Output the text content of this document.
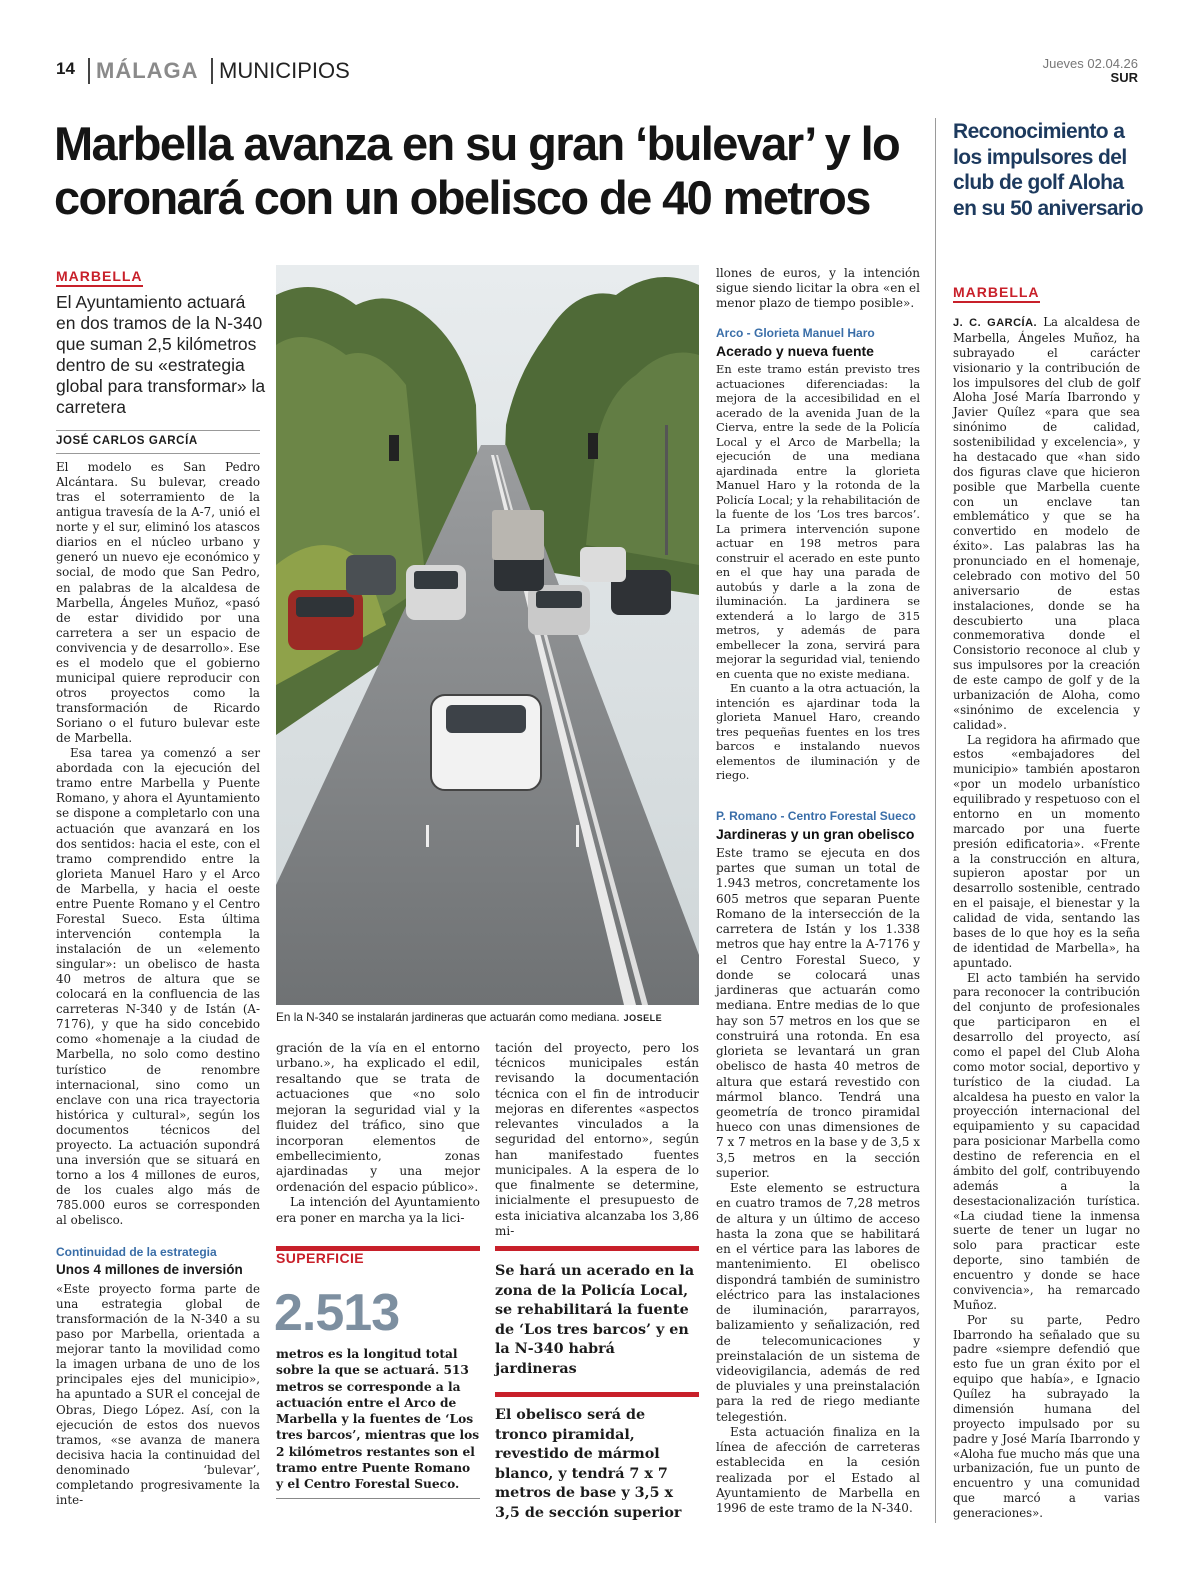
14 MÁLAGA MUNICIPIOS	Jueves 02.04.26
SUR
Marbella avanza en su gran ‘bulevar’ y lo coronará con un obelisco de 40 metros
MARBELLA
El Ayuntamiento actuará en dos tramos de la N-340 que suman 2,5 kilómetros dentro de su «estrategia global para transformar» la carretera
JOSÉ CARLOS GARCÍA

El modelo es San Pedro Alcántara. Su bulevar, creado tras el soterramiento de la antigua travesía de la A-7, unió el norte y el sur, eliminó los atascos diarios en el núcleo urbano y generó un nuevo eje económico y social, de modo que San Pedro, en palabras de la alcaldesa de Marbella, Ángeles Muñoz, «pasó de estar dividido por una carretera a ser un espacio de convivencia y de desarrollo». Ese es el modelo que el gobierno municipal quiere reproducir con otros proyectos como la transformación de Ricardo Soriano o el futuro bulevar este de Marbella.

Esa tarea ya comenzó a ser abordada con la ejecución del tramo entre Marbella y Puente Romano, y ahora el Ayuntamiento se dispone a completarlo con una actuación que avanzará en los dos sentidos: hacia el este, con el tramo comprendido entre la glorieta Manuel Haro y el Arco de Marbella, y hacia el oeste entre Puente Romano y el Centro Forestal Sueco. Esta última intervención contempla la instalación de un «elemento singular»: un obelisco de hasta 40 metros de altura que se colocará en la confluencia de las carreteras N-340 y de Istán (A-7176), y que ha sido concebido como «homenaje a la ciudad de Marbella, no solo como destino turístico de renombre internacional, sino como un enclave con una rica trayectoria histórica y cultural», según los documentos técnicos del proyecto. La actuación supondrá una inversión que se situará en torno a los 4 millones de euros, de los cuales algo más de 785.000 euros se corresponden al obelisco.

Continuidad de la estrategia
Unos 4 millones de inversión

«Este proyecto forma parte de una estrategia global de transformación de la N-340 a su paso por Marbella, orientada a mejorar tanto la movilidad como la imagen urbana de uno de los principales ejes del municipio», ha apuntado a SUR el concejal de Obras, Diego López. Así, con la ejecución de estos dos nuevos tramos, «se avanza de manera decisiva hacia la continuidad del denominado ‘bulevar’, completando progresivamente la inte-

En la N-340 se instalarán jardineras que actuarán como mediana. JOSELE

gración de la vía en el entorno urbano.», ha explicado el edil, resaltando que se trata de actuaciones que «no solo mejoran la seguridad vial y la fluidez del tráfico, sino que incorporan elementos de embellecimiento, zonas ajardinadas y una mejor ordenación del espacio público».

La intención del Ayuntamiento era poner en marcha ya la lici-

tación del proyecto, pero los técnicos municipales están revisando la documentación técnica con el fin de introducir mejoras en diferentes «aspectos relevantes vinculados a la seguridad del entorno», según han manifestado fuentes municipales. A la espera de lo que finalmente se determine, inicialmente el presupuesto de esta iniciativa alcanzaba los 3,86 mi-

SUPERFICIE
2.513
metros es la longitud total sobre la que se actuará. 513 metros se corresponde a la actuación entre el Arco de Marbella y la fuentes de ‘Los tres barcos’, mientras que los 2 kilómetros restantes son el tramo entre Puente Romano y el Centro Forestal Sueco.
Se hará un acerado en la zona de la Policía Local, se rehabilitará la fuente de ‘Los tres barcos’ y en la N-340 habrá jardineras
El obelisco será de tronco piramidal, revestido de mármol blanco, y tendrá 7 x 7 metros de base y 3,5 x 3,5 de sección superior

llones de euros, y la intención sigue siendo licitar la obra «en el menor plazo de tiempo posible».

Arco - Glorieta Manuel Haro
Acerado y nueva fuente

En este tramo están previsto tres actuaciones diferenciadas: la mejora de la accesibilidad en el acerado de la avenida Juan de la Cierva, entre la sede de la Policía Local y el Arco de Marbella; la ejecución de una mediana ajardinada entre la glorieta Manuel Haro y la rotonda de la Policía Local; y la rehabilitación de la fuente de los ‘Los tres barcos’. La primera intervención supone actuar en 198 metros para construir el acerado en este punto en el que hay una parada de autobús y darle a la zona de iluminación. La jardinera se extenderá a lo largo de 315 metros, y además de para embellecer la zona, servirá para mejorar la seguridad vial, teniendo en cuenta que no existe mediana.

En cuanto a la otra actuación, la intención es ajardinar toda la glorieta Manuel Haro, creando tres pequeñas fuentes en los tres barcos e instalando nuevos elementos de iluminación y de riego.

P. Romano - Centro Forestal Sueco
Jardineras y un gran obelisco

Este tramo se ejecuta en dos partes que suman un total de 1.943 metros, concretamente los 605 metros que separan Puente Romano de la intersección de la carretera de Istán y los 1.338 metros que hay entre la A-7176 y el Centro Forestal Sueco, y donde se colocará unas jardineras que actuarán como mediana. Entre medias de lo que hay son 57 metros en los que se construirá una rotonda. En esa glorieta se levantará un gran obelisco de hasta 40 metros de altura que estará revestido con mármol blanco. Tendrá una geometría de tronco piramidal hueco con unas dimensiones de 7 x 7 metros en la base y de 3,5 x 3,5 metros en la sección superior.

Este elemento se estructura en cuatro tramos de 7,28 metros de altura y un último de acceso hasta la zona que se habilitará en el vértice para las labores de mantenimiento. El obelisco dispondrá también de suministro eléctrico para las instalaciones de iluminación, pararrayos, balizamiento y señalización, red de telecomunicaciones y preinstalación de un sistema de videovigilancia, además de red de pluviales y una preinstalación para la red de riego mediante telegestión.

Esta actuación finaliza en la línea de afección de carreteras establecida en la cesión realizada por el Estado al Ayuntamiento de Marbella en 1996 de este tramo de la N-340.

Reconocimiento a los impulsores del club de golf Aloha en su 50 aniversario
MARBELLA

J. C. GARCÍA. La alcaldesa de Marbella, Ángeles Muñoz, ha subrayado el carácter visionario y la contribución de los impulsores del club de golf Aloha José María Ibarrondo y Javier Quílez «para que sea sinónimo de calidad, sostenibilidad y excelencia», y ha destacado que «han sido dos figuras clave que hicieron posible que Marbella cuente con un enclave tan emblemático y que se ha convertido en modelo de éxito». Las palabras las ha pronunciado en el homenaje, celebrado con motivo del 50 aniversario de estas instalaciones, donde se ha descubierto una placa conmemorativa donde el Consistorio reconoce al club y sus impulsores por la creación de este campo de golf y de la urbanización de Aloha, como «sinónimo de excelencia y calidad».

La regidora ha afirmado que estos «embajadores del municipio» también apostaron «por un modelo urbanístico equilibrado y respetuoso con el entorno en un momento marcado por una fuerte presión edificatoria». «Frente a la construcción en altura, supieron apostar por un desarrollo sostenible, centrado en el paisaje, el bienestar y la calidad de vida, sentando las bases de lo que hoy es la seña de identidad de Marbella», ha apuntado.

El acto también ha servido para reconocer la contribución del conjunto de profesionales que participaron en el desarrollo del proyecto, así como el papel del Club Aloha como motor social, deportivo y turístico de la ciudad. La alcaldesa ha puesto en valor la proyección internacional del equipamiento y su capacidad para posicionar Marbella como destino de referencia en el ámbito del golf, contribuyendo además a la desestacionalización turística. «La ciudad tiene la inmensa suerte de tener un lugar no solo para practicar este deporte, sino también de encuentro y donde se hace convivencia», ha remarcado Muñoz.

Por su parte, Pedro Ibarrondo ha señalado que su padre «siempre defendió que esto fue un gran éxito por el equipo que había», e Ignacio Quílez ha subrayado la dimensión humana del proyecto impulsado por su padre y José María Ibarrondo y «Aloha fue mucho más que una urbanización, fue un punto de encuentro y una comunidad que marcó a varias generaciones».
